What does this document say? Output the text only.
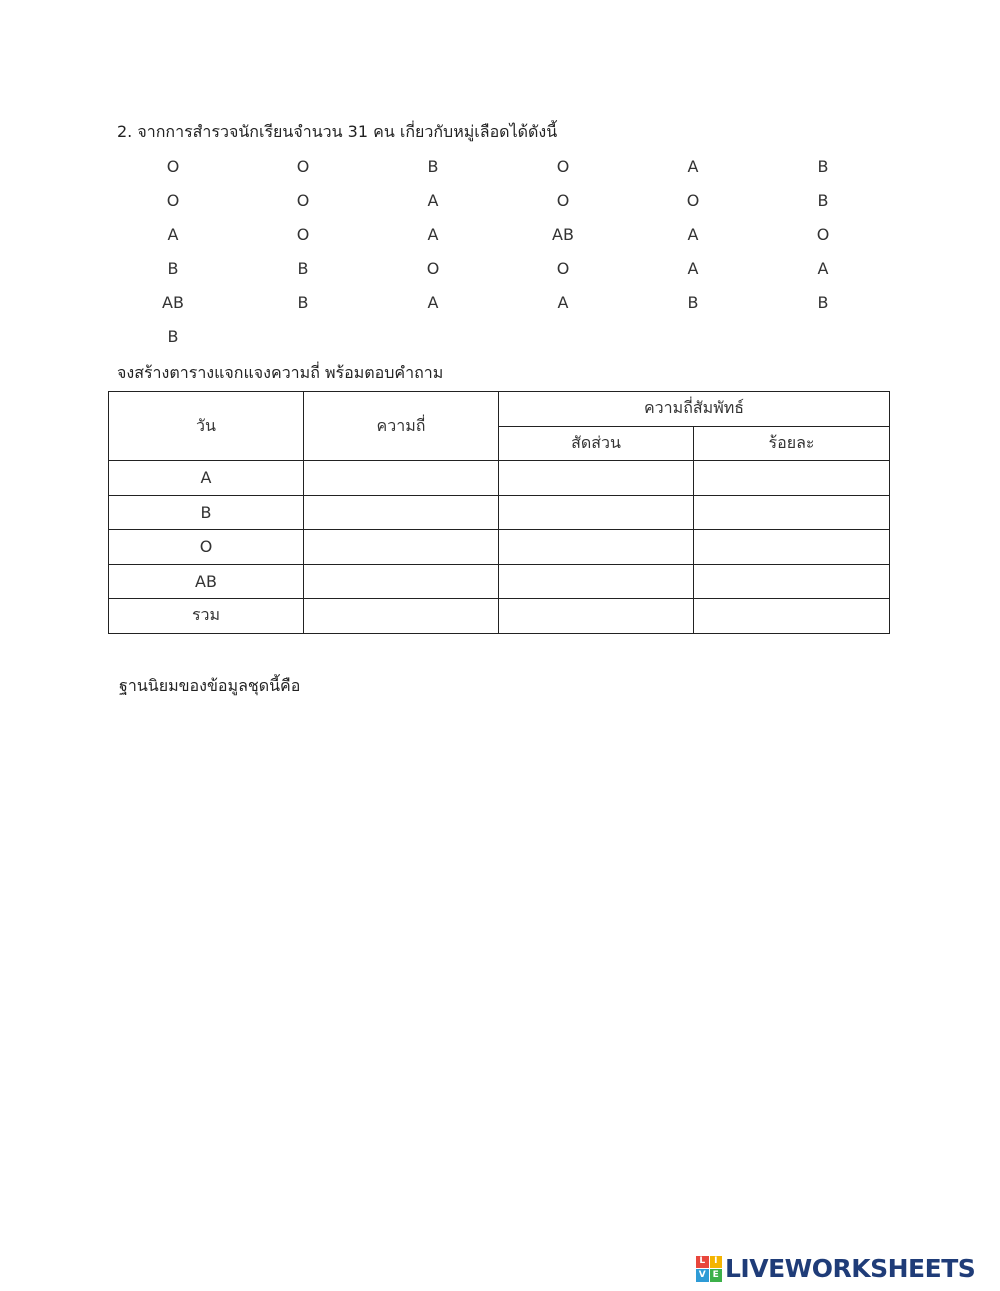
2. จากการสำรวจนักเรียนจำนวน 31 คน เกี่ยวกับหมู่เลือดได้ดังนี้
O	O	B	O	A	B
O	O	A	O	O	B
A	O	A	AB	A	O
B	B	O	O	A	A
AB	B	A	A	B	B
B
จงสร้างตารางแจกแจงความถี่ พร้อมตอบคำถาม
วัน	ความถี่	ความถี่สัมพัทธ์	
		สัดส่วน	ร้อยละ
A			
B			
O			
AB			
รวม			
ฐานนิยมของข้อมูลชุดนี้คือ
L I
V E LIVEWORKSHEETS
